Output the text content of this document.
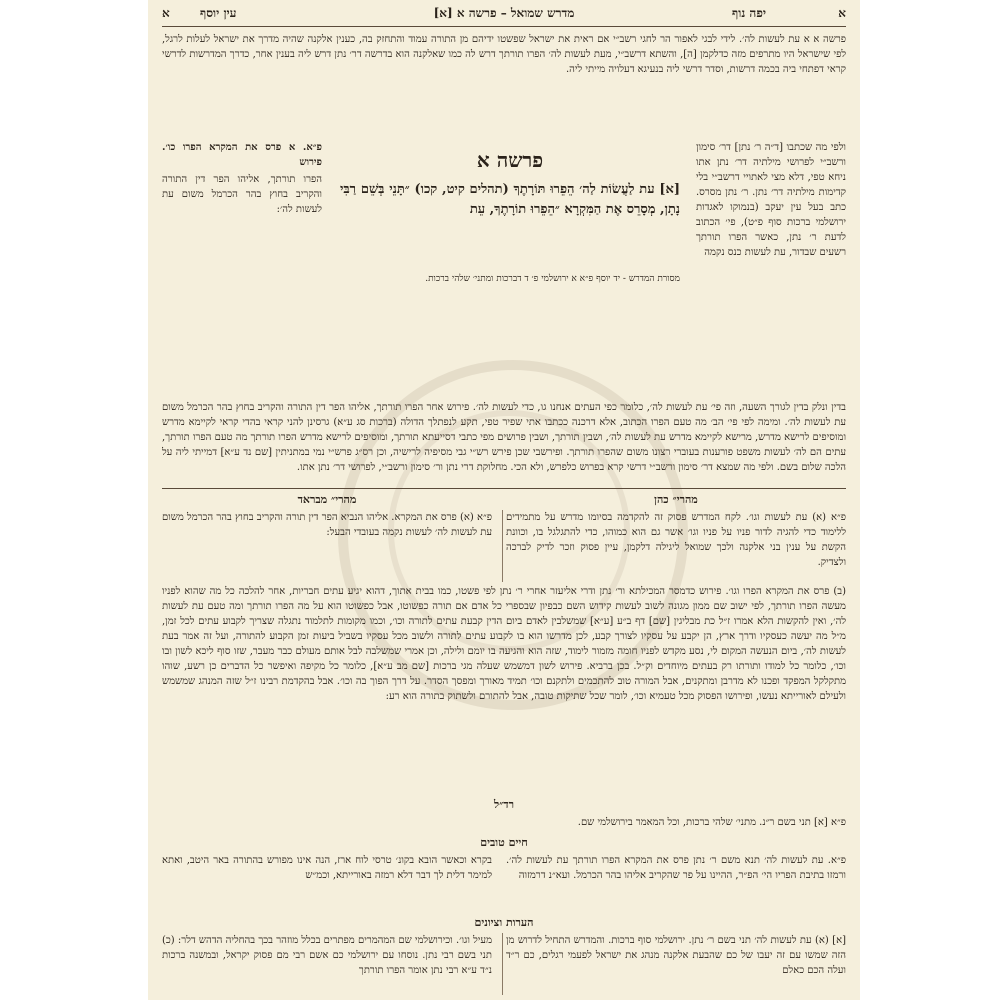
א
יפה נוף
מדרש שמואל – פרשה א [א]
עין יוסף
א
פרשה א א עת לעשות לה׳. לידי לבגי לאפור הר לחגי רשב״י אם ראית את ישראל שפשטו ידיהם מן התורה עמוד והתחזק בה, כענין אלקנה שהיה מדרך את ישראל לעלות לרגל, לפי שישראל היו מתרפים מזה כדלקמן [ה], והשתא דרשב״י, מעת לעשות לה׳ הפרו תורתך דרש לה כמו שאלקנה הוא בדרשה דר׳ נתן דרש ליה בענין אחר, כדרך המדרשות לדרשי קראי דפתחי ביה בכמה דרשות, וסדר דרשי ליה בנעיגא דעלויה מייתי ליה.
ולפי מה שכתבו [ד״ה ר׳ נתן] דר׳ סימון ורשב״י לפרושי מילתיה דר׳ נתן אתו ניחא טפי, דלא מצי לאתויי דרשב״י בלי קדימות מילתיה דר׳ נתן. ר׳ נתן מסרס. כתב בעל עין יעקב (בנמוקו לאגדות ירושלמי ברכות סוף פ״ט), פי׳ הכתוב לדעת ר׳ נתן, כאשר הפרו תורתך רשעים שבדור, עת לעשות כנס נקמה
פרשה א
[א] עת לַעֲשׂוֹת לַה׳ הֵפֵרוּ תּוֹרָתֶךָ (תהלים קיט, קכו) ״תָּנֵי בְּשֵׁם רַבִּי נָתָן, מְסָרֵס אֶת הַמִּקְרָא ״הֵפֵרוּ תוֹרָתֶךָ, עֵת
מסורת המדרש - יד יוסף פ״א א ירושלמי פ׳ ד דברכות ומתני׳ שלהי ברכות.
פ״א. א פרס את המקרא הפרו כו׳. פירוש
הפרו תורתך, אליהו הפר דין התורה והקריב בחוץ בהר הכרמל משום עת לעשות לה׳:
בדין ונלק בדין לגורך השעה, וזה פי׳ עת לעשות לה׳, כלומר כפי העתים אנחנו גו, כדי לעשות לה׳. פירוש אחר הפרו תורתך, אליהו הפר דין התורה והקריב בחוץ בהר הכרמל משום עת לעשות לה׳. ומימה לפי פי׳ הב׳ מה טעם הפרו הכתוב, אלא דרכנה ככתבו אתי שפיר טפי, תקע לנפתלך הדולה (ברכות סג ע״א) גרסינן להני קראי בהדי קראי לקיימא מדרש ומוסיפים לרישא מדרש, מרישא לקיימא מדרש עת לעשות לה׳, ושבין תורתך, ושבין פרושים מפי כתבי דסייעתא תורתך, ומוסיפים לרישא מדרש הפרו תורתך מה טעם הפרו תורתך, עתים הם לה׳ לעשות משפט פורענות בעוברי רצונו משום שהפרו תורתך. ופירשבי שכן פירש רש״י גבי מסיפיה לרישיה, וכן רס״ג פרש״י נמי במתניתין [שם נד ע״א] דמייתי ליה על הלכה שלום בשם. ולפי מה שמצא דר׳ סימון ורשב״י דרשי קרא בפרוש כלפרש, ולא הכי. מחלוקת דרי נתן ור׳ סימון ורשב״י, לפרושי דר׳ נתן אתו.
מהרי״ כהן
מהרי״ מבראד
פ״א (א) עת לעשות וגו׳. לקח המדרש פסוק זה להקדמה בסיומו מדרש על מתמידים ללימוד כדי להגיה לדור פניו על פניו וגו׳ אשר גם הוא כמוהו, כדי להתגלגל בו, וכוונת הקשת על ענין בני אלקנה ולכך שמואל ליגילה דלקמן, עיין פסוק וזכר לדיק לברכה ולצדיק.
פ״א (א) פרס את המקרא. אליהו הנביא הפר דין תורה והקריב בחוץ בהר הכרמל משום עת לעשות לה׳ לעשות נקמה בעובדי הבעל:
(ב) פרס את המקרא הפרו וגו׳. פירוש כדמסר המכילתא ור׳ נתן ודרי אליעזר אחרי ר׳ נתן לפי פשטו, כמו בבית אתוך, דהוא יגיע עתים חבריות, אחר להלכה כל מה שהוא לפניו מעשה הפרו תורתך, לפי ישוב שם ממון מגונה לשוב לעשות קידוש השם כבפיון שבספרי כל אדם אם תורה כפשוטו, אבל כפשוטו הוא על מה הפרו תורתך ומה טעם עת לעשות לה׳, ואין להקשות הלא אמרו ז״ל כת מבליגין [שם] דף ב״ע [ע״א] שמשלבין לאדם ביום הדין קבעת עתים לתורה וכו׳, וכמו מקומות לתלמוד נתגלה שצריך לקבוע עתים לכל זמן, מ״ל מה יעשה כעסקיו ודרך ארץ, הן יקבע על עסקיו לצורך קבע, לכן מדרשו הוא בו לקבוע עתים לתורה ולשוב מכל עסקיו בשביל ביעות זמן הקבוע להתורה, ועל זה אמר בעת לעשות לה׳, ביום הנעשה המקום לי, נסע מקדש לפניו חומה מזמור לימוד, שזה הוא והגיעה בו יומם ולילה, וכן אמרי שמשלבה לבל אותם מעולם כבר מעבר, שזו סוף ליכא לשון ובו וכו׳, כלומר כל למודו ותורתו רק בעתים מיוחדים וק״ל. בכן ברביא. פירוש לשון דמשמש שעלה מגי ברכות [שם מב ע״א], כלומר כל מקיפה ואיפשר כל הדברים כן רשע, שוהו מתקלקל המפקד ופכנו לא מדרבן ומתקנים, אבל המורה טוב להתכמים ולתקנם וכו׳ תמיד מאורך ומפסך הסדר. על דרך הפוך בה וכו׳. אבל בהקדמת רבינו ז״ל שזה המנהג שמשמש ולעילם לאורייתא נעשו, ופירושו הפסוק מכל טעמיא וכו׳, לומר שכל שתיקות טובה, אבל להתורם ולשתוק בתורה הוא רע:
רד״ל
פ״א [א] תני בשם ר״נ. מתני׳ שלהי ברכות, וכל המאמר בירושלמי שם.
חיים טובים
פ״א. עת לעשות לה׳ תנא משם ר׳ נתן פרס את המקרא הפרו תורתך עת לעשות לה׳. ורמזו בתיבת הפריו הי׳ הפ״ר, ההיינו על פר שהקריב אליהו בהר הכרמל. ועא״נ דרמזוה
בקרא וכאשר הובא בקונ׳ טרסי לוח ארז, הנה אינו מפורש בהתורה באר היטב, ואתא למימר דלית לך דבר דלא רמזה באורייתא, וכמ״ש
הערות וציונים
[א] (א) עת לעשות לה׳ תני בשם ר׳ נתן. ירושלמי סוף ברכות. והמדרש התחיל לדרוש מן הזה שמשו עם זה יעבו של כם שהבעת אלקנה מנהג את ישראל לפעמי רגלים, כם ר״ד ועלה הכם כאלם
מעיל וגו׳. וכירושלמי שם המהמרים מפתרים בכלל מוזהר בכך בהחליה הדהש דלר: (כ) תני בשם רבי נתן. נוסחו עם ירושלמי כם אשם רבי מם פסוק יקראל, ובמשנה ברכות נ״ד ע״א רבי נתן אומר הפרו תורתך
